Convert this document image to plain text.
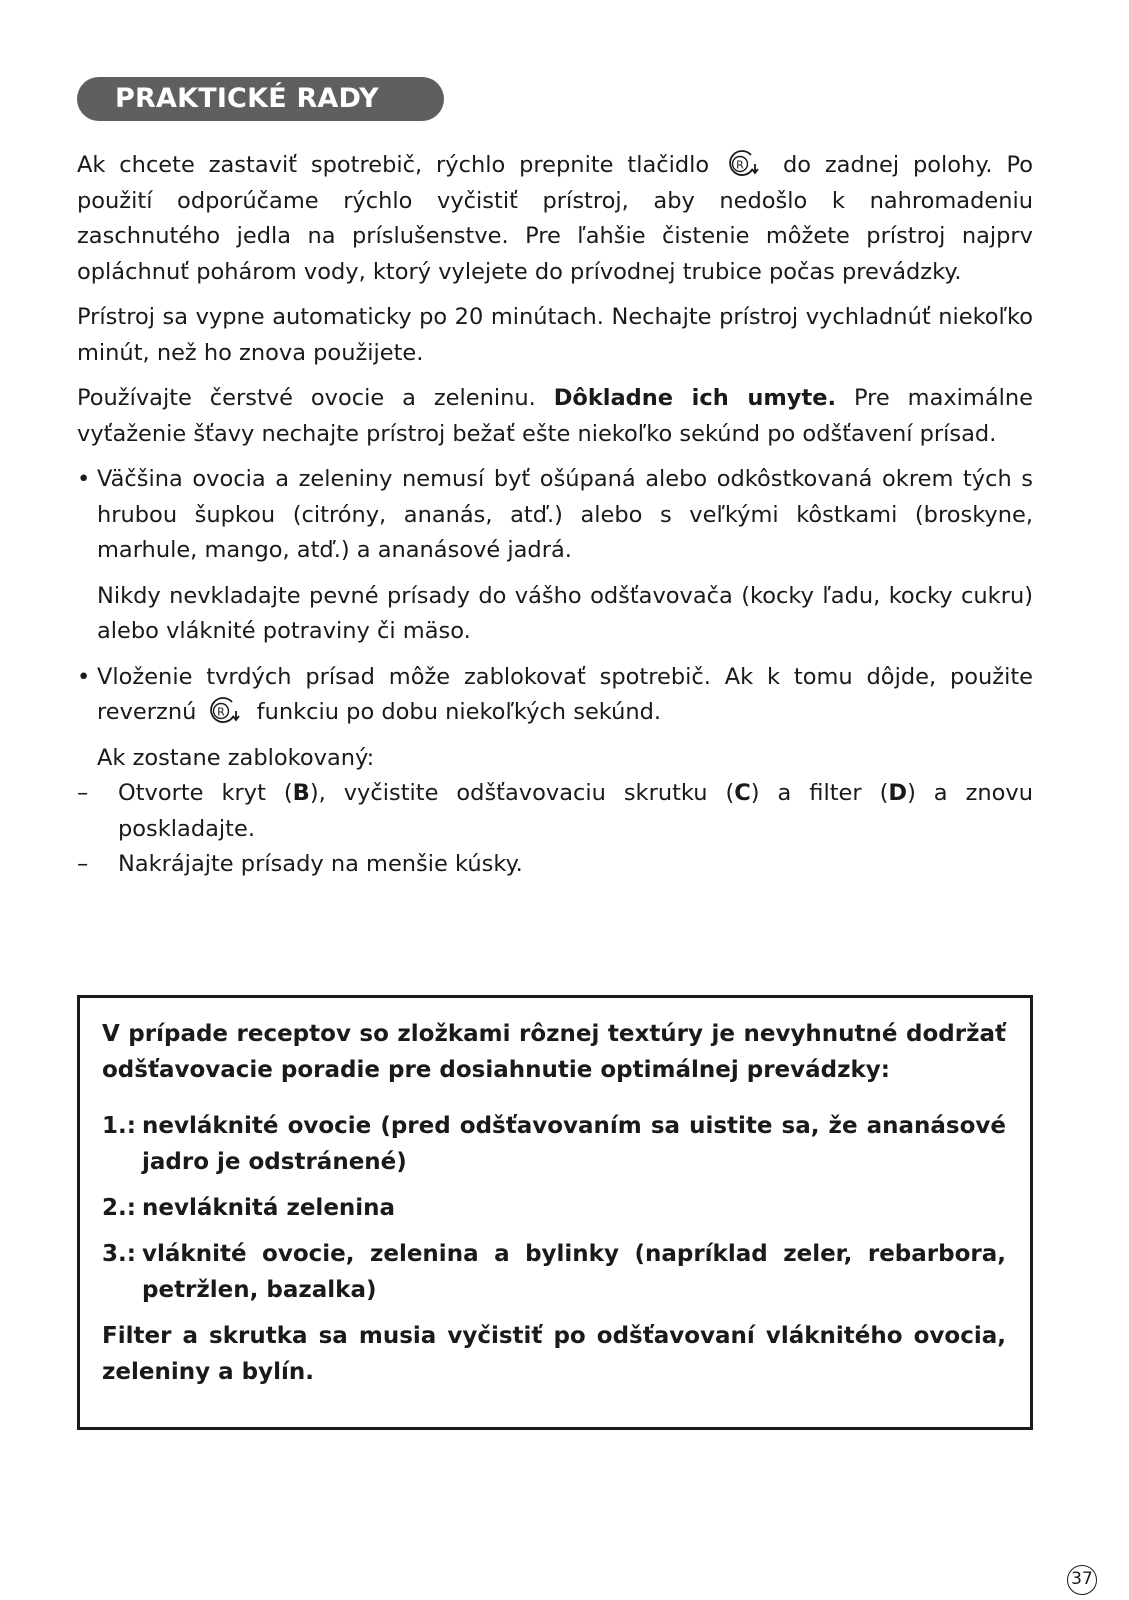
PRAKTICKÉ RADY

Ak chcete zastaviť spotrebič, rýchlo prepnite tlačidlo R do zadnej polohy. Po použití odporúčame rýchlo vyčistiť prístroj, aby nedošlo k nahromadeniu zaschnutého jedla na príslušenstve. Pre ľahšie čistenie môžete prístroj najprv opláchnuť pohárom vody, ktorý vylejete do prívodnej trubice počas prevádzky.

Prístroj sa vypne automaticky po 20 minútach. Nechajte prístroj vychladnúť niekoľko minút, než ho znova použijete.

Používajte čerstvé ovocie a zeleninu. Dôkladne ich umyte. Pre maximálne vyťaženie šťavy nechajte prístroj bežať ešte niekoľko sekúnd po odšťavení prísad.

• Väčšina ovocia a zeleniny nemusí byť ošúpaná alebo odkôstkovaná okrem tých s hrubou šupkou (citróny, ananás, atď.) alebo s veľkými kôstkami (broskyne, marhule, mango, atď.) a ananásové jadrá.
Nikdy nevkladajte pevné prísady do vášho odšťavovača (kocky ľadu, kocky cukru) alebo vláknité potraviny či mäso.
• Vloženie tvrdých prísad môže zablokovať spotrebič. Ak k tomu dôjde, použite reverznú R funkciu po dobu niekoľkých sekúnd.
Ak zostane zablokovaný:
– Otvorte kryt (B), vyčistite odšťavovaciu skrutku (C) a filter (D) a znovu poskladajte.
– Nakrájajte prísady na menšie kúsky.

V prípade receptov so zložkami rôznej textúry je nevyhnutné dodržať odšťavovacie poradie pre dosiahnutie optimálnej prevádzky:

1.: nevláknité ovocie (pred odšťavovaním sa uistite sa, že ananásové jadro je odstránené)
2.: nevláknitá zelenina
3.: vláknité ovocie, zelenina a bylinky (napríklad zeler, rebarbora, petržlen, bazalka)

Filter a skrutka sa musia vyčistiť po odšťavovaní vláknitého ovocia, zeleniny a bylín.

37
